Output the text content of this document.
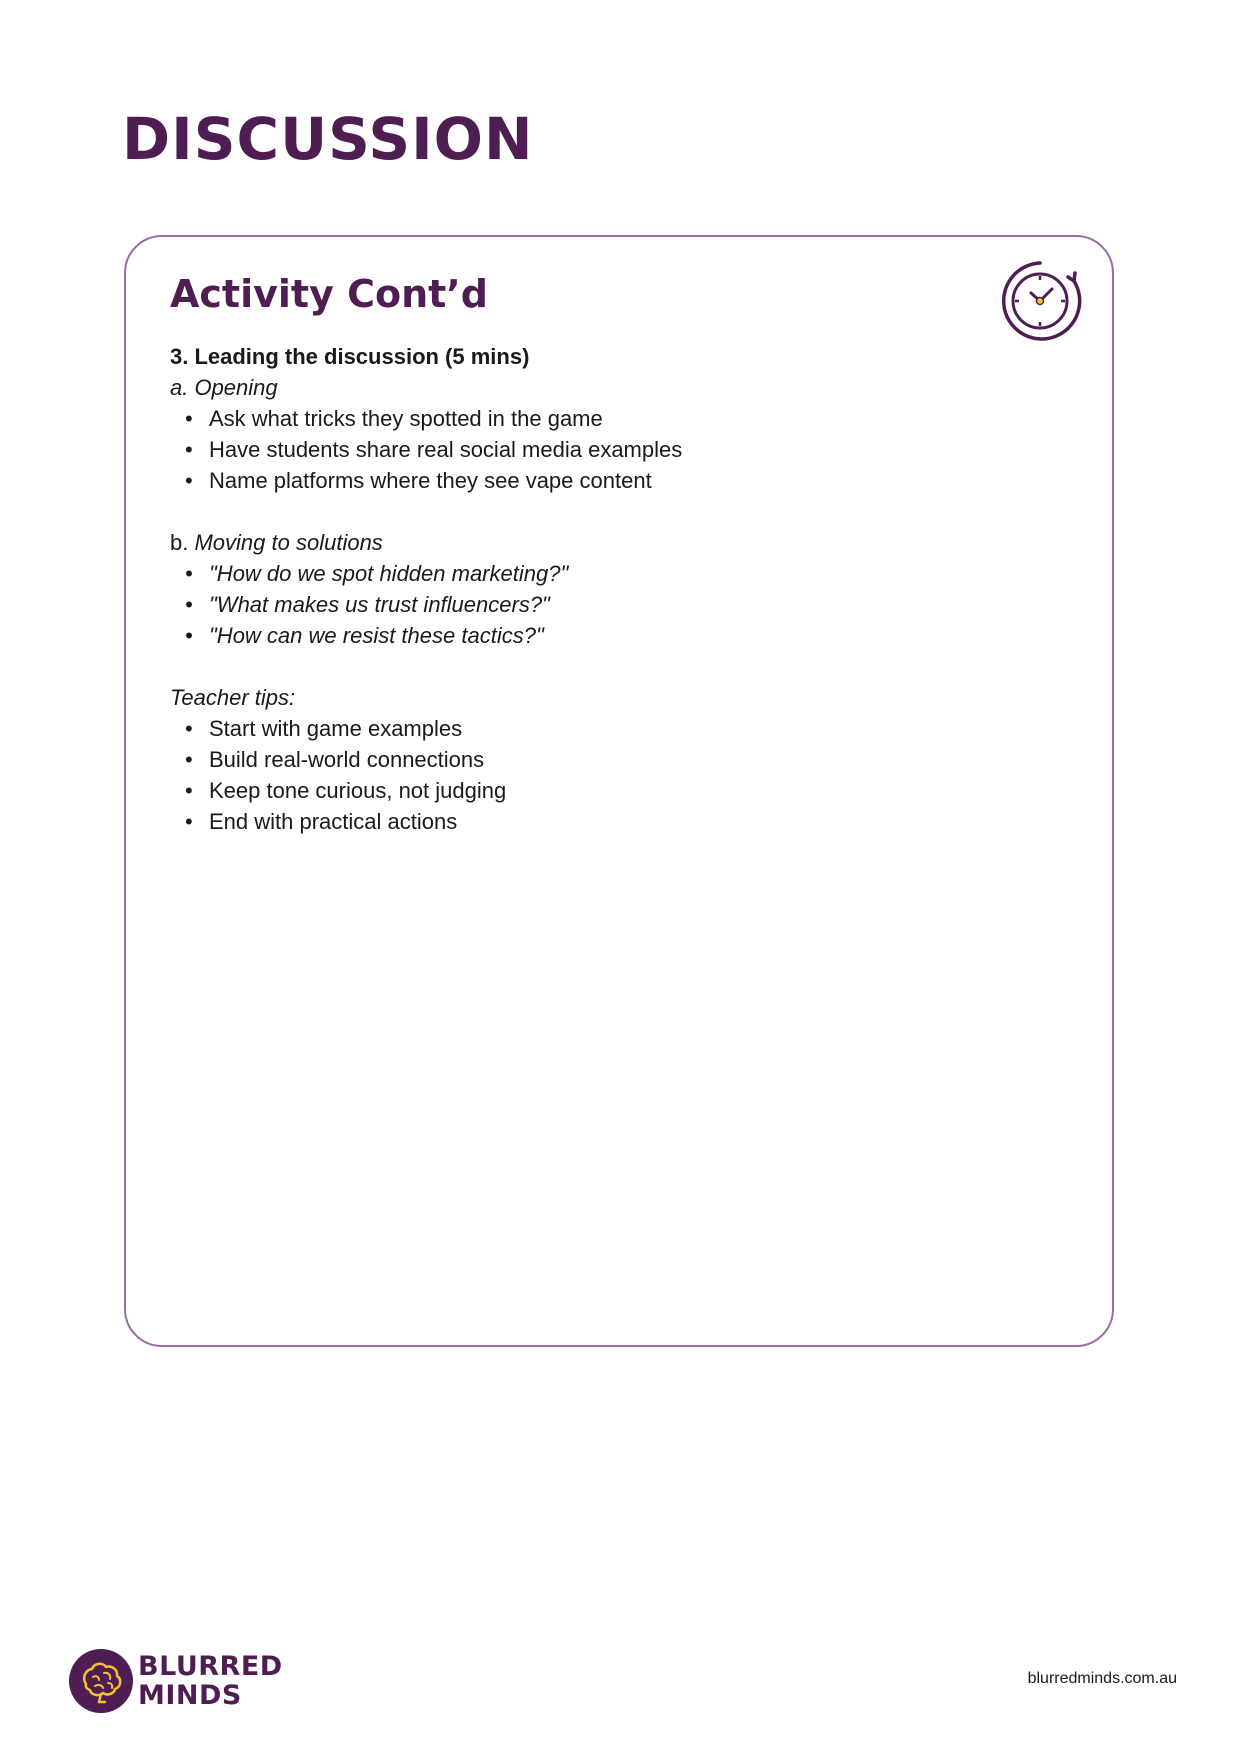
DISCUSSION
Activity Cont’d

3. Leading the discussion (5 mins)

a. Opening

• Ask what tricks they spotted in the game
• Have students share real social media examples
• Name platforms where they see vape content

b. Moving to solutions

• "How do we spot hidden marketing?"
• "What makes us trust influencers?"
• "How can we resist these tactics?"

Teacher tips:

• Start with game examples
• Build real-world connections
• Keep tone curious, not judging
• End with practical actions
BLURRED
MINDS
blurredminds.com.au
